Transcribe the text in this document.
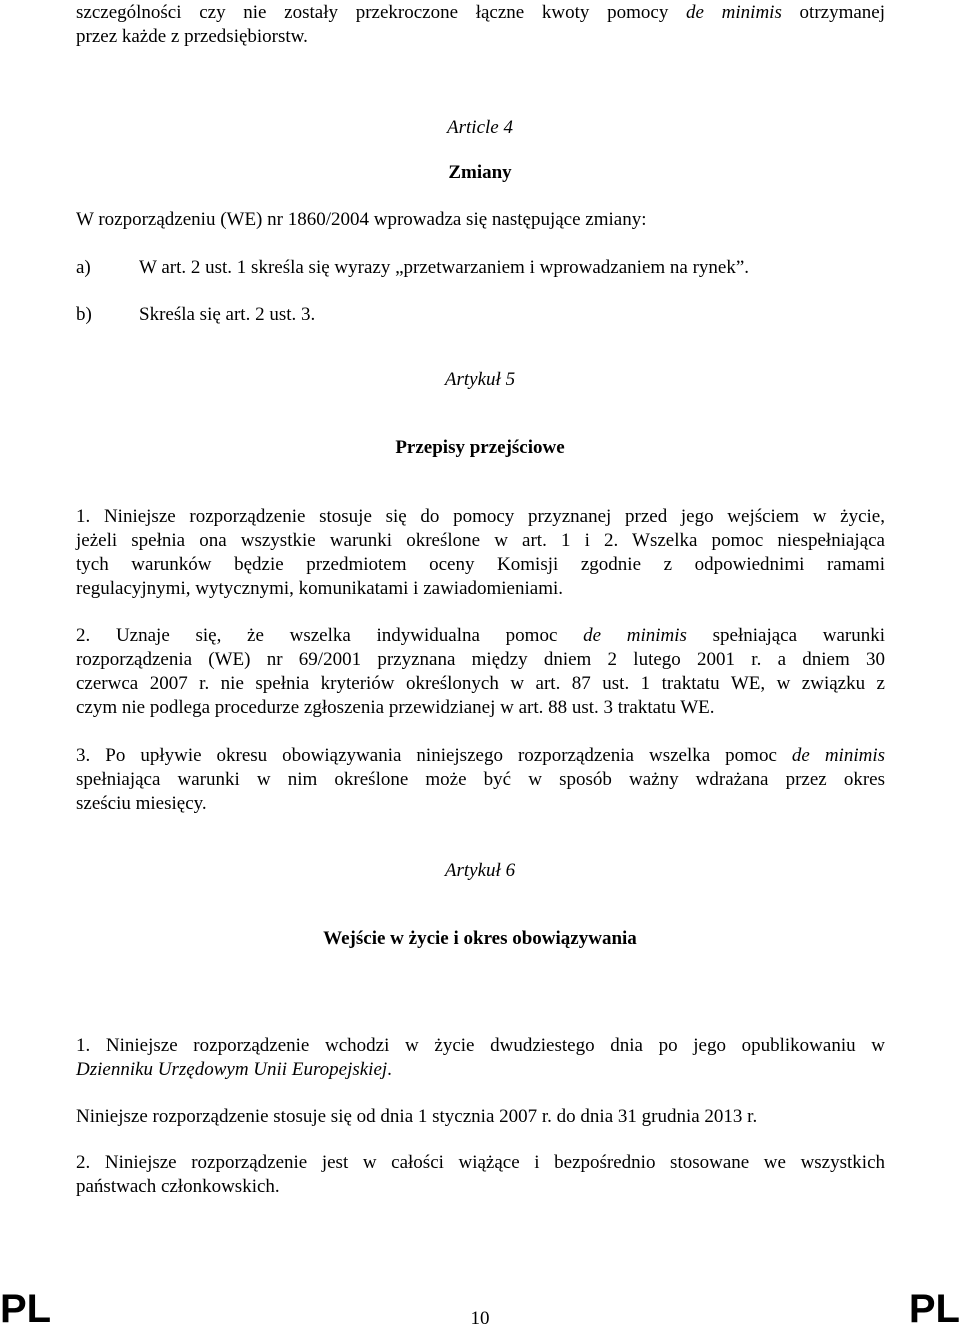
szczególności czy nie zostały przekroczone łączne kwoty pomocy de minimis otrzymanej
przez każde z przedsiębiorstw.
Article 4
Zmiany
W rozporządzeniu (WE) nr 1860/2004 wprowadza się następujące zmiany:
a)	W art. 2 ust. 1 skreśla się wyrazy „przetwarzaniem i wprowadzaniem na rynek”.
b)	Skreśla się art. 2 ust. 3.
Artykuł 5
Przepisy przejściowe
1. Niniejsze rozporządzenie stosuje się do pomocy przyznanej przed jego wejściem w życie,
jeżeli spełnia ona wszystkie warunki określone w art. 1 i 2. Wszelka pomoc niespełniająca
tych warunków będzie przedmiotem oceny Komisji zgodnie z odpowiednimi ramami
regulacyjnymi, wytycznymi, komunikatami i zawiadomieniami.
2. Uznaje się, że wszelka indywidualna pomoc de minimis spełniająca warunki
rozporządzenia (WE) nr 69/2001 przyznana między dniem 2 lutego 2001 r. a dniem 30
czerwca 2007 r. nie spełnia kryteriów określonych w art. 87 ust. 1 traktatu WE, w związku z
czym nie podlega procedurze zgłoszenia przewidzianej w art. 88 ust. 3 traktatu WE.
3. Po upływie okresu obowiązywania niniejszego rozporządzenia wszelka pomoc de minimis
spełniająca warunki w nim określone może być w sposób ważny wdrażana przez okres
sześciu miesięcy.
Artykuł 6
Wejście w życie i okres obowiązywania
1. Niniejsze rozporządzenie wchodzi w życie dwudziestego dnia po jego opublikowaniu w
Dzienniku Urzędowym Unii Europejskiej.
Niniejsze rozporządzenie stosuje się od dnia 1 stycznia 2007 r. do dnia 31 grudnia 2013 r.
2. Niniejsze rozporządzenie jest w całości wiążące i bezpośrednio stosowane we wszystkich
państwach członkowskich.
PL	10	PL
